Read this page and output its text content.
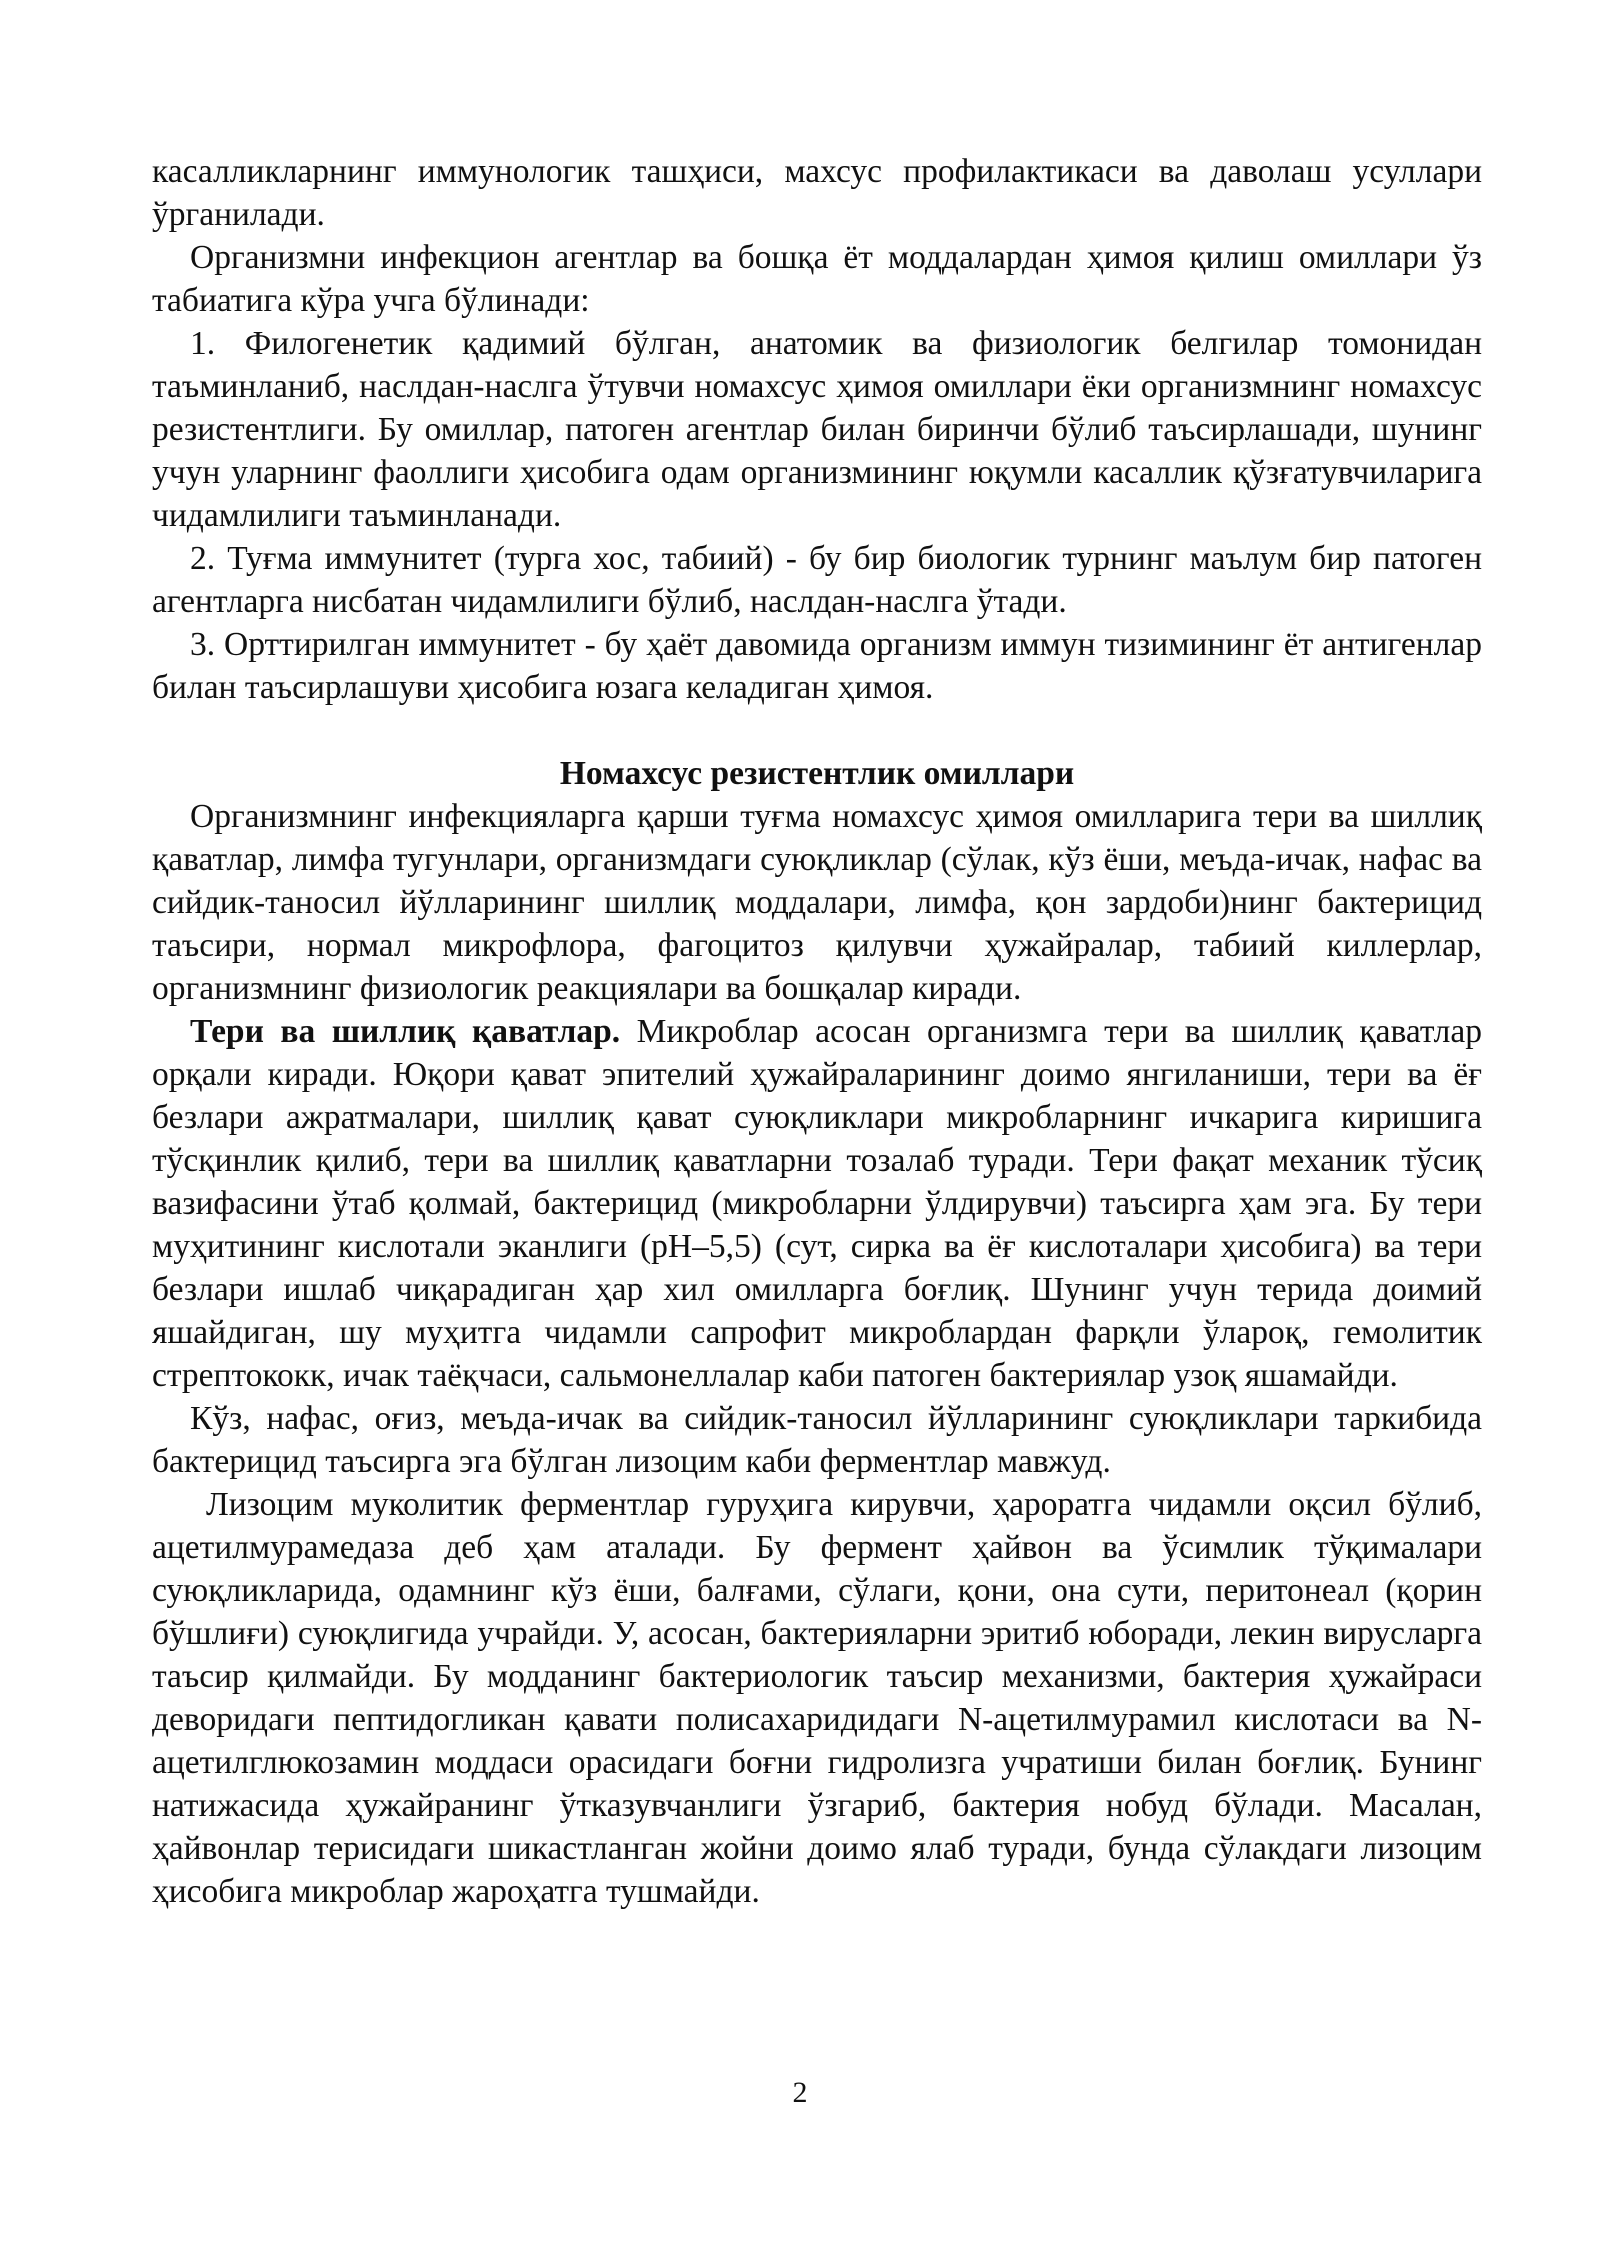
касалликларнинг иммунологик ташҳиси, махсус профилактикаси ва даволаш усуллари ўрганилади.

Организмни инфекцион агентлар ва бошқа ёт моддалардан ҳимоя қилиш омиллари ўз табиатига кўра учга бўлинади:

1. Филогенетик қадимий бўлган, анатомик ва физиологик белгилар томонидан таъминланиб, наслдан-наслга ўтувчи номахсус ҳимоя омиллари ёки организмнинг номахсус резистентлиги. Бу омиллар, патоген агентлар билан биринчи бўлиб таъсирлашади, шунинг учун уларнинг фаоллиги ҳисобига одам организмининг юқумли касаллик қўзғатувчиларига чидамлилиги таъминланади.

2. Туғма иммунитет (турга хос, табиий) - бу бир биологик турнинг маълум бир патоген агентларга нисбатан чидамлилиги бўлиб, наслдан-наслга ўтади.

3. Орттирилган иммунитет - бу ҳаёт давомида организм иммун тизимининг ёт антигенлар билан таъсирлашуви ҳисобига юзага келадиган ҳимоя.

Номахсус резистентлик омиллари

Организмнинг инфекцияларга қарши туғма номахсус ҳимоя омилларига тери ва шиллиқ қаватлар, лимфа тугунлари, организмдаги суюқликлар (сўлак, кўз ёши, меъда-ичак, нафас ва сийдик-таносил йўлларининг шиллиқ моддалари, лимфа, қон зардоби)нинг бактерицид таъсири, нормал микрофлора, фагоцитоз қилувчи ҳужайралар, табиий киллерлар, организмнинг физиологик реакциялари ва бошқалар киради.

Тери ва шиллиқ қаватлар. Микроблар асосан организмга тери ва шиллиқ қаватлар орқали киради. Юқори қават эпителий ҳужайраларининг доимо янгиланиши, тери ва ёғ безлари ажратмалари, шиллиқ қават суюқликлари микробларнинг ичкарига киришига тўсқинлик қилиб, тери ва шиллиқ қаватларни тозалаб туради. Тери фақат механик тўсиқ вазифасини ўтаб қолмай, бактерицид (микробларни ўлдирувчи) таъсирга ҳам эга. Бу тери муҳитининг кислотали эканлиги (рН–5,5) (сут, сирка ва ёғ кислоталари ҳисобига) ва тери безлари ишлаб чиқарадиган ҳар хил омилларга боғлиқ. Шунинг учун терида доимий яшайдиган, шу муҳитга чидамли сапрофит микроблардан фарқли ўлароқ, гемолитик стрептококк, ичак таёқчаси, сальмонеллалар каби патоген бактериялар узоқ яшамайди.

Кўз, нафас, оғиз, меъда-ичак ва сийдик-таносил йўлларининг суюқликлари таркибида бактерицид таъсирга эга бўлган лизоцим каби ферментлар мавжуд.

Лизоцим муколитик ферментлар гуруҳига кирувчи, ҳароратга чидамли оқсил бўлиб, ацетилмурамедаза деб ҳам аталади. Бу фермент ҳайвон ва ўсимлик тўқималари суюқликларида, одамнинг кўз ёши, балғами, сўлаги, қони, она сути, перитонеал (қорин бўшлиғи) суюқлигида учрайди. У, асосан, бактерияларни эритиб юборади, лекин вирусларга таъсир қилмайди. Бу модданинг бактериологик таъсир механизми, бактерия ҳужайраси деворидаги пептидогликан қавати полисахаридидаги N-ацетилмурамил кислотаси ва N-ацетилглюкозамин моддаси орасидаги боғни гидролизга учратиши билан боғлиқ. Бунинг натижасида ҳужайранинг ўтказувчанлиги ўзгариб, бактерия нобуд бўлади. Масалан, ҳайвонлар терисидаги шикастланган жойни доимо ялаб туради, бунда сўлакдаги лизоцим ҳисобига микроблар жароҳатга тушмайди.

2
